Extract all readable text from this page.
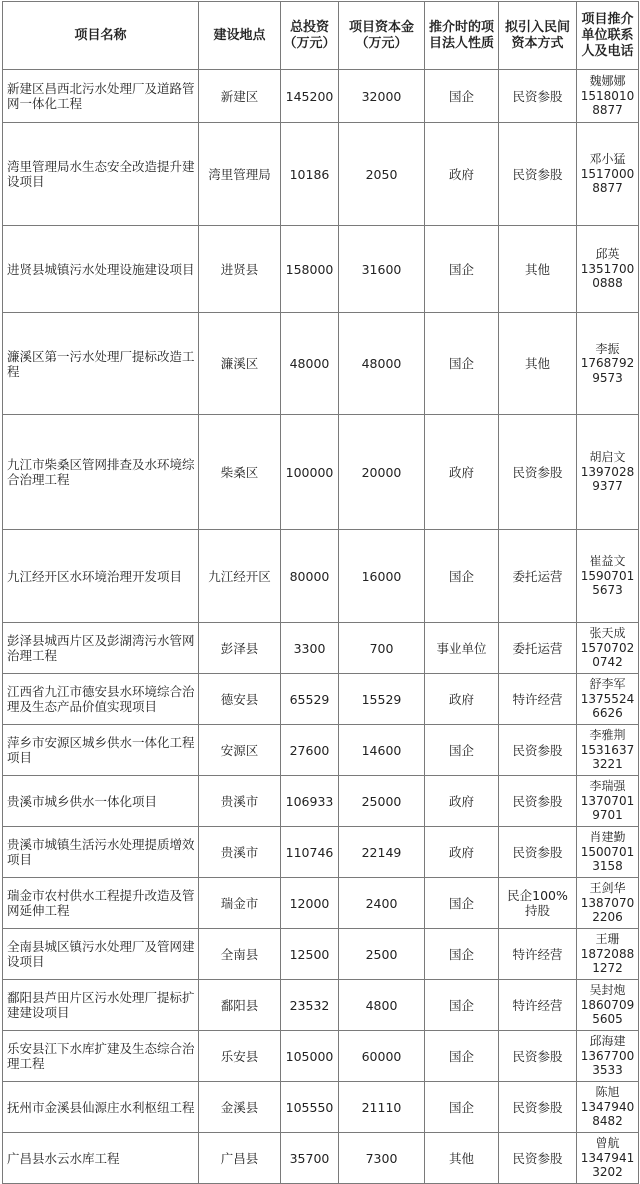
项目名称	建设地点	总投资
（万元）	项目资本金
（万元）	推介时的项目法人性质	拟引入民间资本方式	项目推介单位联系人及电话
新建区昌西北污水处理厂及道路管网一体化工程	新建区	145200	32000	国企	民资参股	魏娜娜
15180108877

湾里管理局水生态安全改造提升建设项目	湾里管理局	10186	2050	政府	民资参股	邓小猛
15170008877

进贤县城镇污水处理设施建设项目	进贤县	158000	31600	国企	其他	邱英
13517000888

濂溪区第一污水处理厂提标改造工程	濂溪区	48000	48000	国企	其他	李振
17687929573

九江市柴桑区管网排查及水环境综合治理工程	柴桑区	100000	20000	政府	民资参股	胡启文
13970289377

九江经开区水环境治理开发项目	九江经开区	80000	16000	国企	委托运营	崔益文
15907015673

彭泽县城西片区及彭湖湾污水管网治理工程	彭泽县	3300	700	事业单位	委托运营	张天成
15707020742

江西省九江市德安县水环境综合治理及生态产品价值实现项目	德安县	65529	15529	政府	特许经营	舒李军
13755246626

萍乡市安源区城乡供水一体化工程项目	安源区	27600	14600	国企	民资参股	李雅荆
15316373221

贵溪市城乡供水一体化项目	贵溪市	106933	25000	政府	民资参股	李瑞强
13707019701

贵溪市城镇生活污水处理提质增效项目	贵溪市	110746	22149	政府	民资参股	肖建勤
15007013158

瑞金市农村供水工程提升改造及管网延伸工程	瑞金市	12000	2400	国企	民企100%持股	王剑华
13870702206

全南县城区镇污水处理厂及管网建设项目	全南县	12500	2500	国企	特许经营	王珊
18720881272

鄱阳县芦田片区污水处理厂提标扩建建设项目	鄱阳县	23532	4800	国企	特许经营	吴封炮
18607095605

乐安县江下水库扩建及生态综合治理工程	乐安县	105000	60000	国企	民资参股	邱海建
13677003533

抚州市金溪县仙源庄水利枢纽工程	金溪县	105550	21110	国企	民资参股	陈旭
13479408482

广昌县水云水库工程	广昌县	35700	7300	其他	民资参股	曾航
13479413202
